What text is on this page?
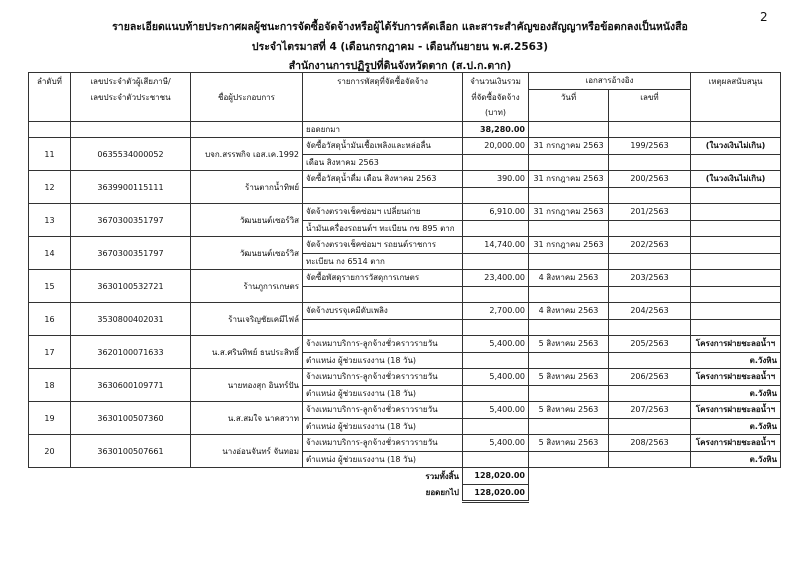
2
รายละเอียดแนบท้ายประกาศผลผู้ชนะการจัดซื้อจัดจ้างหรือผู้ได้รับการคัดเลือก และสาระสำคัญของสัญญาหรือข้อตกลงเป็นหนังสือ
ประจำไตรมาสที่ 4 (เดือนกรกฎาคม - เดือนกันยายน พ.ศ.2563)
สำนักงานการปฏิรูปที่ดินจังหวัดตาก (ส.ป.ก.ตาก)
ลำดับที่	เลขประจำตัวผู้เสียภาษี/		รายการพัสดุที่จัดซื้อจัดจ้าง	จำนวนเงินรวม	เอกสารอ้างอิง		เหตุผลสนับสนุน
	เลขประจำตัวประชาชน	ชื่อผู้ประกอบการ		ที่จัดซื้อจัดจ้าง	วันที่	เลขที่	
				(บาท)			
			ยอดยกมา	38,280.00			
11	0635534000052	บจก.สรรพกิจ เอส.เค.1992	จัดซื้อวัสดุน้ำมันเชื้อเพลิงและหล่อลื่น	20,000.00	31 กรกฎาคม 2563	199/2563	(ในวงเงินไม่เกิน)
			เดือน สิงหาคม 2563				
12	3639900115111	ร้านตากน้ำทิพย์	จัดซื้อวัสดุน้ำดื่ม เดือน สิงหาคม 2563	390.00	31 กรกฎาคม 2563	200/2563	(ในวงเงินไม่เกิน)

13	3670300351797	วัฒนยนต์เซอร์วิส	จัดจ้างตรวจเช็คซ่อมฯ เปลี่ยนถ่าย	6,910.00	31 กรกฎาคม 2563	201/2563	
			น้ำมันเครื่องรถยนต์ฯ ทะเบียน กข 895 ตาก				
14	3670300351797	วัฒนยนต์เซอร์วิส	จัดจ้างตรวจเช็คซ่อมฯ รถยนต์ราชการ	14,740.00	31 กรกฎาคม 2563	202/2563	
			ทะเบียน กง 6514 ตาก				
15	3630100532721	ร้านภูการเกษตร	จัดซื้อพัสดุรายการวัสดุการเกษตร	23,400.00	4 สิงหาคม 2563	203/2563	

16	3530800402031	ร้านเจริญชัยเคมีไฟล์	จัดจ้างบรรจุเคมีดับเพลิง	2,700.00	4 สิงหาคม 2563	204/2563	

17	3620100071633	น.ส.ศรินทิพย์ ธนประสิทธิ์	จ้างเหมาบริการ-ลูกจ้างชั่วคราวรายวัน	5,400.00	5 สิงหาคม 2563	205/2563	โครงการฝายชะลอน้ำฯ
			ตำแหน่ง ผู้ช่วยแรงงาน (18 วัน)				ต.วังหิน
18	3630600109771	นายทองสุก อินทร์ปัน	จ้างเหมาบริการ-ลูกจ้างชั่วคราวรายวัน	5,400.00	5 สิงหาคม 2563	206/2563	โครงการฝายชะลอน้ำฯ
			ตำแหน่ง ผู้ช่วยแรงงาน (18 วัน)				ต.วังหิน
19	3630100507360	น.ส.สมใจ นาคสวาท	จ้างเหมาบริการ-ลูกจ้างชั่วคราวรายวัน	5,400.00	5 สิงหาคม 2563	207/2563	โครงการฝายชะลอน้ำฯ
			ตำแหน่ง ผู้ช่วยแรงงาน (18 วัน)				ต.วังหิน
20	3630100507661	นางอ่อนจันทร์ จันทอม	จ้างเหมาบริการ-ลูกจ้างชั่วคราวรายวัน	5,400.00	5 สิงหาคม 2563	208/2563	โครงการฝายชะลอน้ำฯ
			ตำแหน่ง ผู้ช่วยแรงงาน (18 วัน)				ต.วังหิน
			รวมทั้งสิ้น	128,020.00			
			ยอดยกไป	128,020.00			
